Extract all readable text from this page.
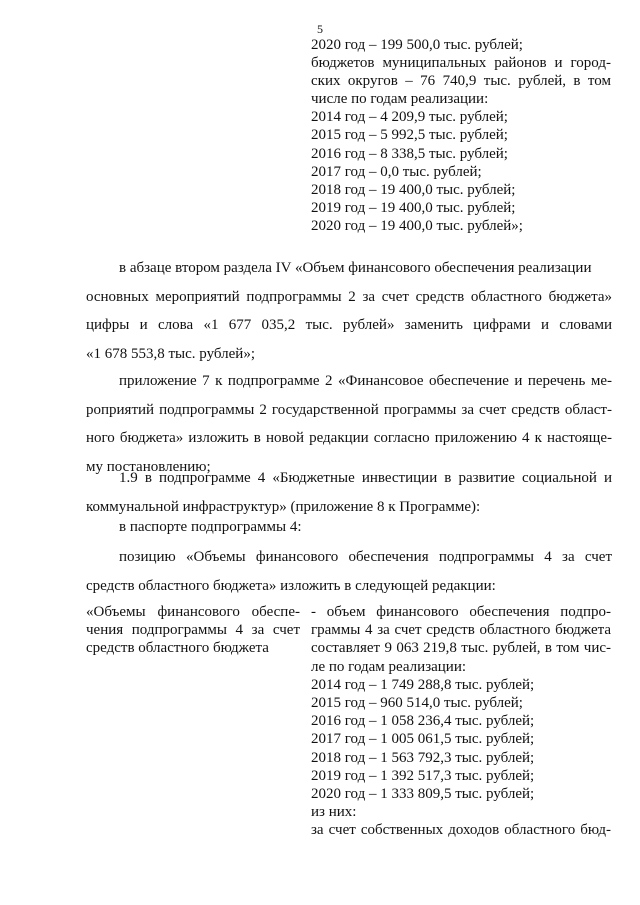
5
2020 год – 199 500,0 тыс. рублей;
бюджетов муниципальных районов и город-
ских округов – 76 740,9 тыс. рублей, в том
числе по годам реализации:
2014 год – 4 209,9 тыс. рублей;
2015 год – 5 992,5 тыс. рублей;
2016 год – 8 338,5 тыс. рублей;
2017 год – 0,0 тыс. рублей;
2018 год – 19 400,0 тыс. рублей;
2019 год – 19 400,0 тыс. рублей;
2020 год – 19 400,0 тыс. рублей»;
в абзаце втором раздела IV «Объем финансового обеспечения реализации
основных мероприятий подпрограммы 2 за счет средств областного бюджета»
цифры и слова «1 677 035,2 тыс. рублей» заменить цифрами и словами
«1 678 553,8 тыс. рублей»;
приложение 7 к подпрограмме 2 «Финансовое обеспечение и перечень ме-
роприятий подпрограммы 2 государственной программы за счет средств област-
ного бюджета» изложить в новой редакции согласно приложению 4 к настояще-
му постановлению;
1.9 в подпрограмме 4 «Бюджетные инвестиции в развитие социальной и
коммунальной инфраструктур» (приложение 8 к Программе):
в паспорте подпрограммы 4:
позицию «Объемы финансового обеспечения подпрограммы 4 за счет
средств областного бюджета» изложить в следующей редакции:
«Объемы финансового обеспе-
чения подпрограммы 4 за счет
средств областного бюджета
- объем финансового обеспечения подпро-
граммы 4 за счет средств областного бюджета
составляет 9 063 219,8 тыс. рублей, в том чис-
ле по годам реализации:
2014 год – 1 749 288,8 тыс. рублей;
2015 год – 960 514,0 тыс. рублей;
2016 год – 1 058 236,4 тыс. рублей;
2017 год – 1 005 061,5 тыс. рублей;
2018 год – 1 563 792,3 тыс. рублей;
2019 год – 1 392 517,3 тыс. рублей;
2020 год – 1 333 809,5 тыс. рублей;
из них:
за счет собственных доходов областного бюд-
